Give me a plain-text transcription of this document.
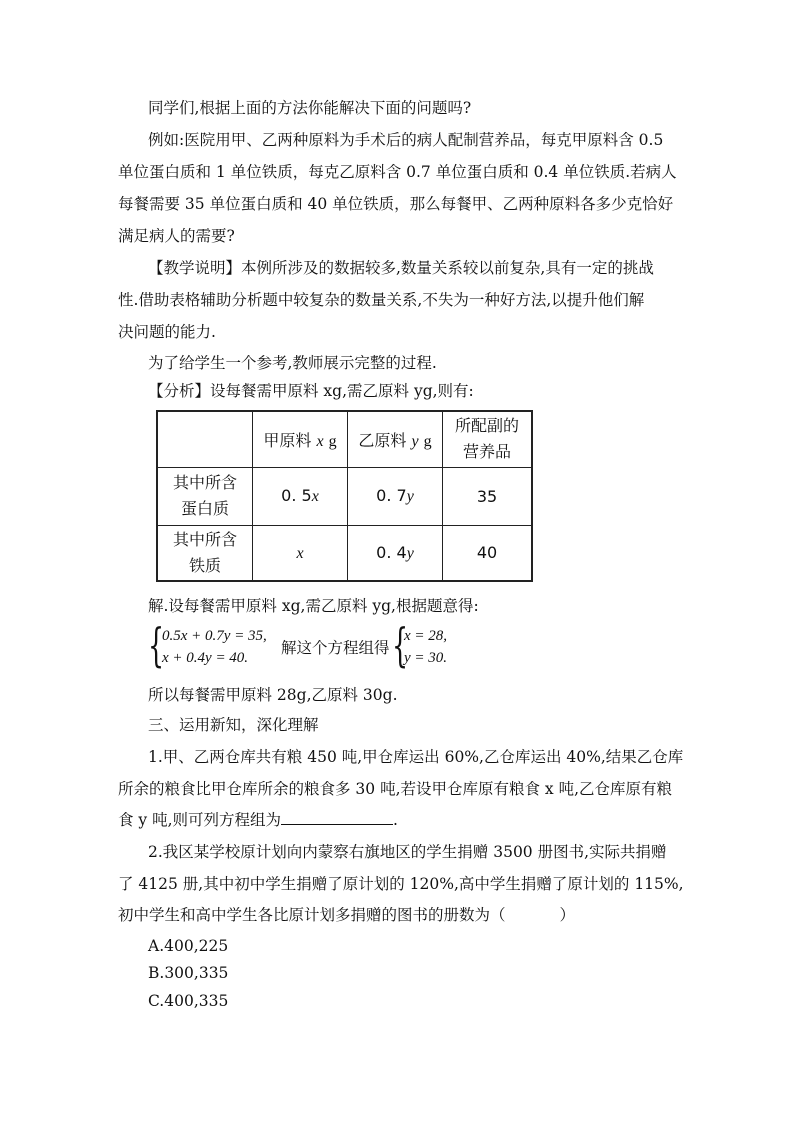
同学们,根据上面的方法你能解决下面的问题吗?
例如:医院用甲、乙两种原料为手术后的病人配制营养品，每克甲原料含 0.5
单位蛋白质和 1 单位铁质，每克乙原料含 0.7 单位蛋白质和 0.4 单位铁质.若病人
每餐需要 35 单位蛋白质和 40 单位铁质，那么每餐甲、乙两种原料各多少克恰好
满足病人的需要?
【教学说明】本例所涉及的数据较多,数量关系较以前复杂,具有一定的挑战
性.借助表格辅助分析题中较复杂的数量关系,不失为一种好方法,以提升他们解
决问题的能力.
为了给学生一个参考,教师展示完整的过程.
【分析】设每餐需甲原料 xg,需乙原料 yg,则有:
	甲原料 x g	乙原料 y g	所配副的
营养品

其中所含
蛋白质	0. 5x	0. 7y	35

其中所含
铁质	x	0. 4y	40
解.设每餐需甲原料 xg,需乙原料 yg,根据题意得:
{
0.5x + 0.7y = 35,
x + 0.4y = 40.
解这个方程组得 {
x = 28,
y = 30.
所以每餐需甲原料 28g,乙原料 30g.
三、运用新知，深化理解
1.甲、乙两仓库共有粮 450 吨,甲仓库运出 60%,乙仓库运出 40%,结果乙仓库
所余的粮食比甲仓库所余的粮食多 30 吨,若设甲仓库原有粮食 x 吨,乙仓库原有粮
食 y 吨,则可列方程组为	.
2.我区某学校原计划向内蒙察右旗地区的学生捐赠 3500 册图书,实际共捐赠
了 4125 册,其中初中学生捐赠了原计划的 120%,高中学生捐赠了原计划的 115%,
初中学生和高中学生各比原计划多捐赠的图书的册数为（	）
A.400,225
B.300,335
C.400,335
